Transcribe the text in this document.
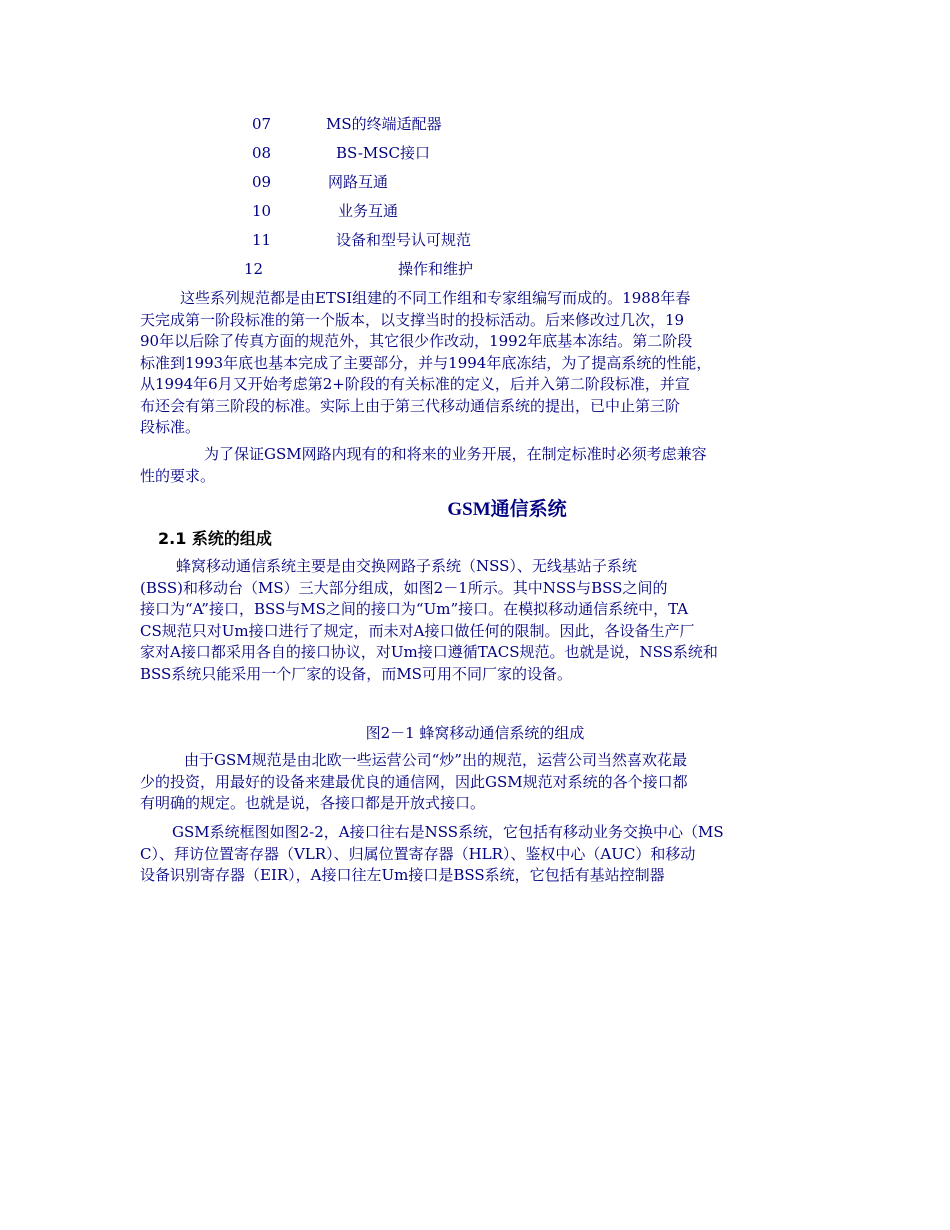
07	MS的终端适配器
08	BS-MSC接口
09	网路互通
10	业务互通
11	设备和型号认可规范
12	操作和维护

这些系列规范都是由ETSI组建的不同工作组和专家组编写而成的。1988年春
天完成第一阶段标准的第一个版本，以支撑当时的投标活动。后来修改过几次，19
90年以后除了传真方面的规范外，其它很少作改动，1992年底基本冻结。第二阶段
标准到1993年底也基本完成了主要部分，并与1994年底冻结，为了提高系统的性能，
从1994年6月又开始考虑第2+阶段的有关标准的定义，后并入第二阶段标准，并宣
布还会有第三阶段的标准。实际上由于第三代移动通信系统的提出，已中止第三阶
段标准。

为了保证GSM网路内现有的和将来的业务开展，在制定标准时必须考虑兼容
性的要求。

GSM通信系统
2.1 系统的组成

蜂窝移动通信系统主要是由交换网路子系统（NSS）、无线基站子系统
(BSS)和移动台（MS）三大部分组成，如图2－1所示。其中NSS与BSS之间的
接口为“A”接口，BSS与MS之间的接口为“Um”接口。在模拟移动通信系统中，TA
CS规范只对Um接口进行了规定，而未对A接口做任何的限制。因此，各设备生产厂
家对A接口都采用各自的接口协议，对Um接口遵循TACS规范。也就是说，NSS系统和
BSS系统只能采用一个厂家的设备，而MS可用不同厂家的设备。

图2－1 蜂窝移动通信系统的组成

由于GSM规范是由北欧一些运营公司“炒”出的规范，运营公司当然喜欢花最
少的投资，用最好的设备来建最优良的通信网，因此GSM规范对系统的各个接口都
有明确的规定。也就是说，各接口都是开放式接口。

GSM系统框图如图2-2，A接口往右是NSS系统，它包括有移动业务交换中心（MS
C）、拜访位置寄存器（VLR）、归属位置寄存器（HLR）、鉴权中心（AUC）和移动
设备识别寄存器（EIR），A接口往左Um接口是BSS系统，它包括有基站控制器
